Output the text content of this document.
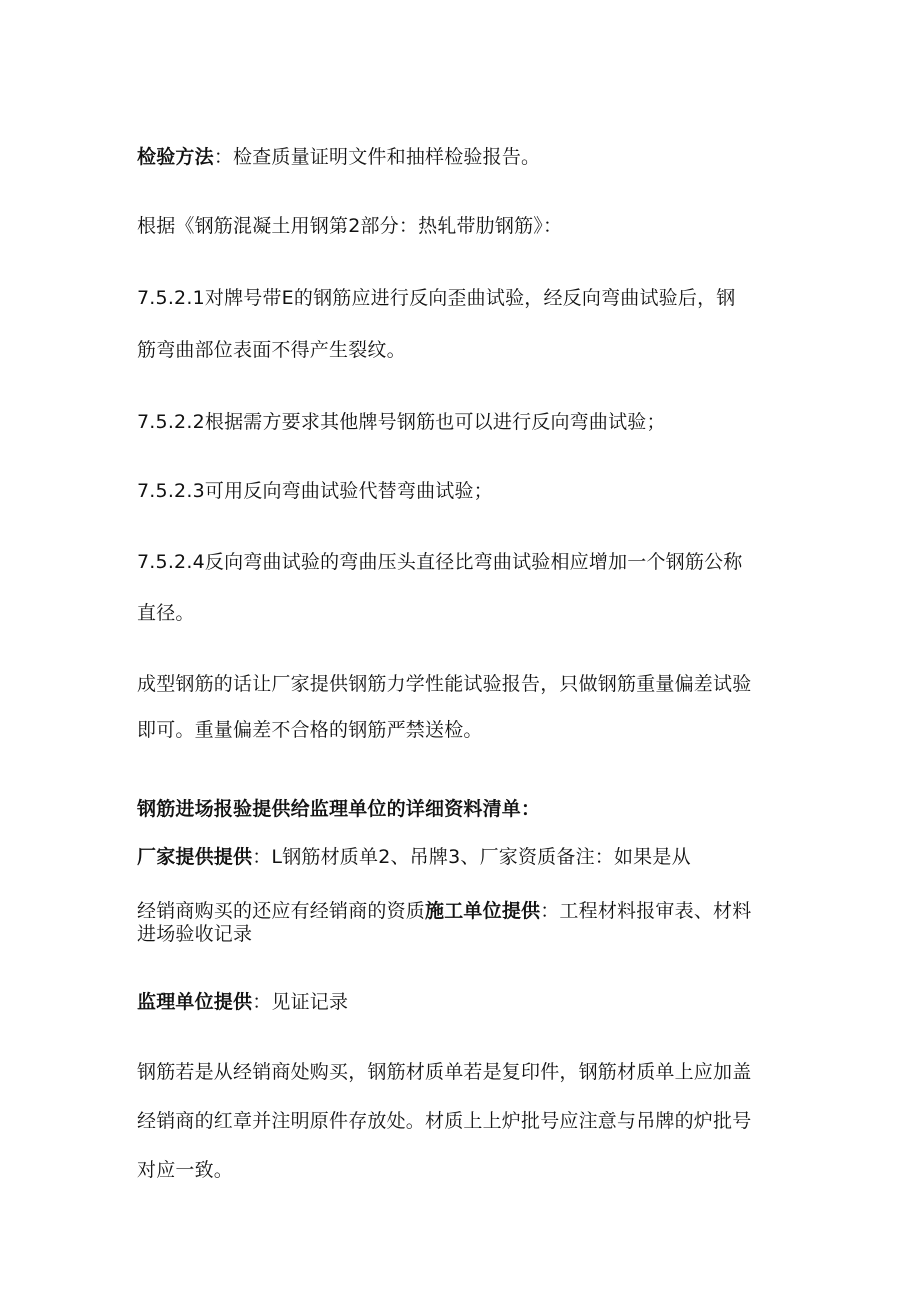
检验方法：检查质量证明文件和抽样检验报告。
根据《钢筋混凝土用钢第2部分：热轧带肋钢筋》：
7.5.2.1对牌号带E的钢筋应进行反向歪曲试验，经反向弯曲试验后，钢
筋弯曲部位表面不得产生裂纹。
7.5.2.2根据需方要求其他牌号钢筋也可以进行反向弯曲试验；
7.5.2.3可用反向弯曲试验代替弯曲试验；
7.5.2.4反向弯曲试验的弯曲压头直径比弯曲试验相应增加一个钢筋公称
直径。
成型钢筋的话让厂家提供钢筋力学性能试验报告，只做钢筋重量偏差试验
即可。重量偏差不合格的钢筋严禁送检。
钢筋进场报验提供给监理单位的详细资料清单：
厂家提供提供：L钢筋材质单2、吊牌3、厂家资质备注：如果是从
经销商购买的还应有经销商的资质施工单位提供：工程材料报审表、材料
进场验收记录
监理单位提供：见证记录
钢筋若是从经销商处购买，钢筋材质单若是复印件，钢筋材质单上应加盖
经销商的红章并注明原件存放处。材质上上炉批号应注意与吊牌的炉批号
对应一致。
